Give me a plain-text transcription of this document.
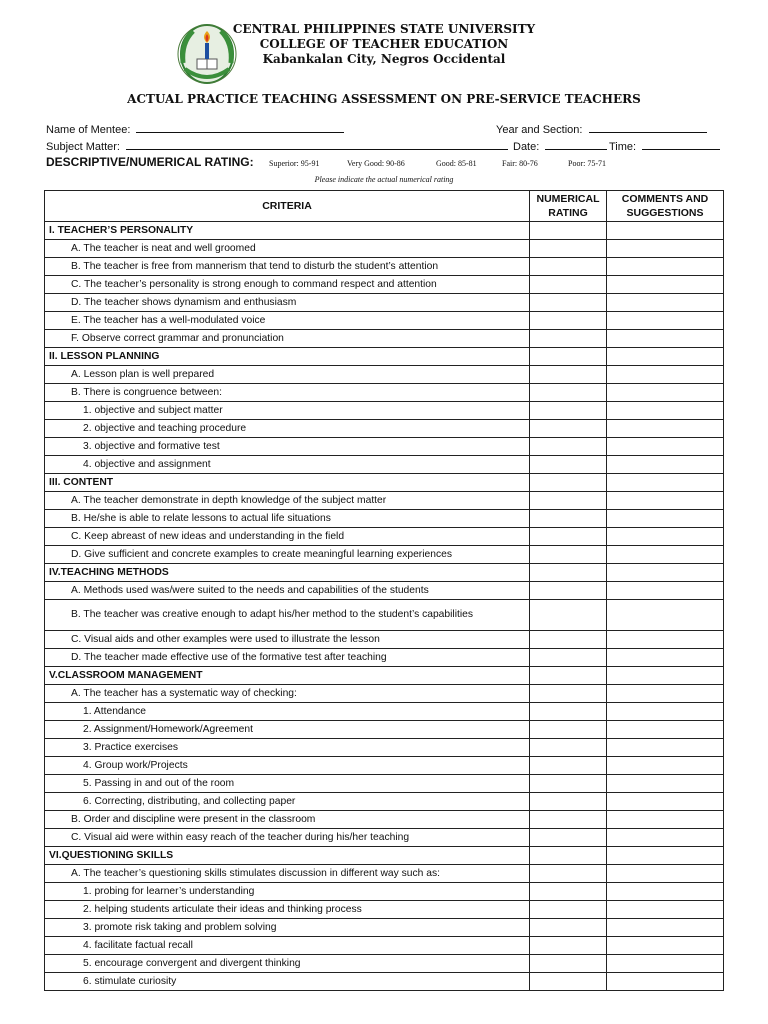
CENTRAL PHILIPPINES STATE UNIVERSITY
COLLEGE OF TEACHER EDUCATION
Kabankalan City, Negros Occidental
ACTUAL PRACTICE TEACHING ASSESSMENT ON PRE-SERVICE TEACHERS
Name of Mentee:	Year and Section:
Subject Matter:	Date:	Time:
DESCRIPTIVE/NUMERICAL RATING: Superior: 95-91	Very Good: 90-86	Good: 85-81	Fair: 80-76	Poor: 75-71
Please indicate the actual numerical rating
CRITERIA	NUMERICAL RATING	COMMENTS AND SUGGESTIONS
I. TEACHER’S PERSONALITY		
A. The teacher is neat and well groomed		
B. The teacher is free from mannerism that tend to disturb the student’s attention		
C. The teacher’s personality is strong enough to command respect and attention		
D. The teacher shows dynamism and enthusiasm		
E. The teacher has a well-modulated voice		
F. Observe correct grammar and pronunciation		
II. LESSON PLANNING		
A. Lesson plan is well prepared		
B. There is congruence between:		
1. objective and subject matter		
2. objective and teaching procedure		
3. objective and formative test		
4. objective and assignment		
III. CONTENT		
A. The teacher demonstrate in depth knowledge of the subject matter		
B. He/she is able to relate lessons to actual life situations		
C. Keep abreast of new ideas and understanding in the field		
D. Give sufficient and concrete examples to create meaningful learning experiences		
IV.TEACHING METHODS		
A. Methods used was/were suited to the needs and capabilities of the students		
B. The teacher was creative enough to adapt his/her method to the student’s capabilities		
C. Visual aids and other examples were used to illustrate the lesson		
D. The teacher made effective use of the formative test after teaching		
V.CLASSROOM MANAGEMENT		
A. The teacher has a systematic way of checking:		
1. Attendance		
2. Assignment/Homework/Agreement		
3. Practice exercises		
4. Group work/Projects		
5. Passing in and out of the room		
6. Correcting, distributing, and collecting paper		
B. Order and discipline were present in the classroom		
C. Visual aid were within easy reach of the teacher during his/her teaching		
VI.QUESTIONING SKILLS		
A. The teacher’s questioning skills stimulates discussion in different way such as:		
1. probing for learner’s understanding		
2. helping students articulate their ideas and thinking process		
3. promote risk taking and problem solving		
4. facilitate factual recall		
5. encourage convergent and divergent thinking		
6. stimulate curiosity		
